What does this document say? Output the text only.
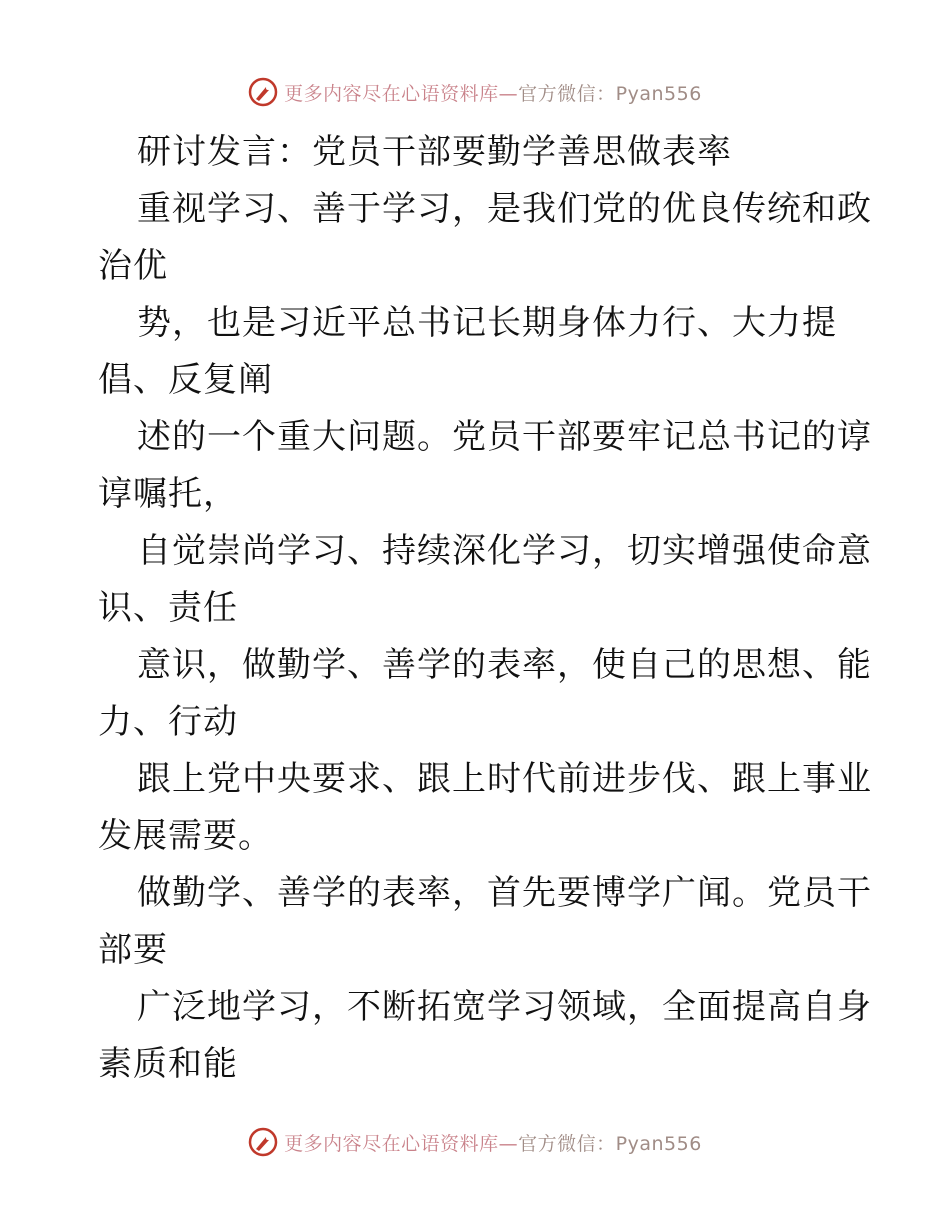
更多内容尽在心语资料库—官方微信：Pyan556
研讨发言：党员干部要勤学善思做表率
重视学习、善于学习，是我们党的优良传统和政
治优
势，也是习近平总书记长期身体力行、大力提
倡、反复阐
述的一个重大问题。党员干部要牢记总书记的谆
谆嘱托，
自觉崇尚学习、持续深化学习，切实增强使命意
识、责任
意识，做勤学、善学的表率，使自己的思想、能
力、行动
跟上党中央要求、跟上时代前进步伐、跟上事业
发展需要。
做勤学、善学的表率，首先要博学广闻。党员干
部要
广泛地学习，不断拓宽学习领域，全面提高自身
素质和能
更多内容尽在心语资料库—官方微信：Pyan556
